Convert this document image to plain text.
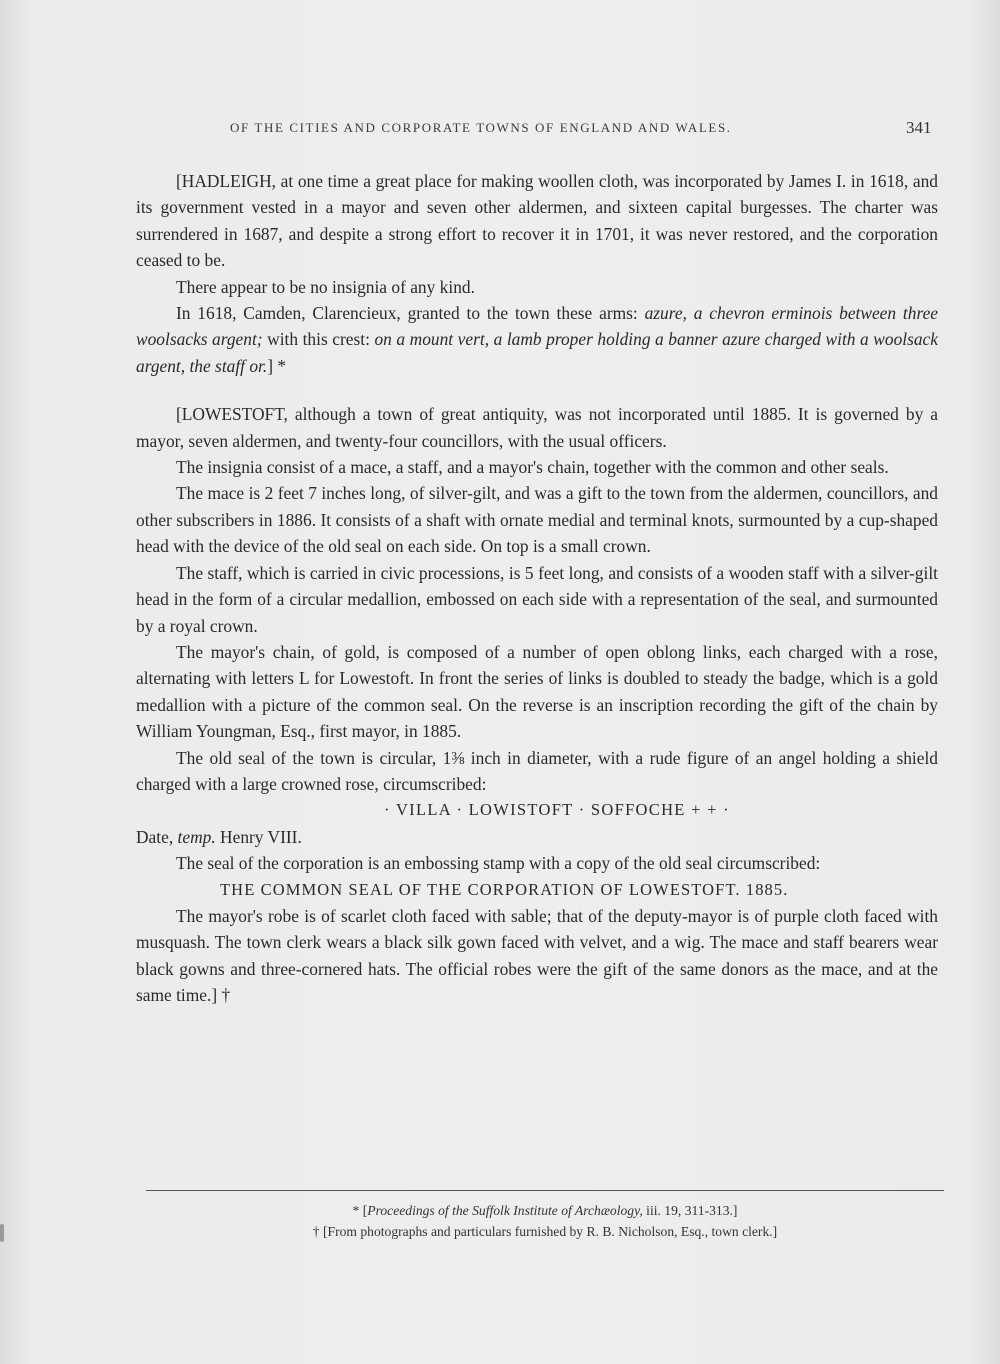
OF THE CITIES AND CORPORATE TOWNS OF ENGLAND AND WALES.	341

[HADLEIGH, at one time a great place for making woollen cloth, was incorporated by James I. in 1618, and its government vested in a mayor and seven other aldermen, and sixteen capital burgesses. The charter was surrendered in 1687, and despite a strong effort to recover it in 1701, it was never restored, and the corporation ceased to be.

There appear to be no insignia of any kind.

In 1618, Camden, Clarencieux, granted to the town these arms: azure, a chevron erminois between three woolsacks argent; with this crest: on a mount vert, a lamb proper holding a banner azure charged with a woolsack argent, the staff or.] *

[LOWESTOFT, although a town of great antiquity, was not incorporated until 1885. It is governed by a mayor, seven aldermen, and twenty-four councillors, with the usual officers.

The insignia consist of a mace, a staff, and a mayor's chain, together with the common and other seals.

The mace is 2 feet 7 inches long, of silver-gilt, and was a gift to the town from the aldermen, councillors, and other subscribers in 1886. It consists of a shaft with ornate medial and terminal knots, surmounted by a cup-shaped head with the device of the old seal on each side. On top is a small crown.

The staff, which is carried in civic processions, is 5 feet long, and consists of a wooden staff with a silver-gilt head in the form of a circular medallion, embossed on each side with a representation of the seal, and surmounted by a royal crown.

The mayor's chain, of gold, is composed of a number of open oblong links, each charged with a rose, alternating with letters L for Lowestoft. In front the series of links is doubled to steady the badge, which is a gold medallion with a picture of the common seal. On the reverse is an inscription recording the gift of the chain by William Youngman, Esq., first mayor, in 1885.

The old seal of the town is circular, 1⅜ inch in diameter, with a rude figure of an angel holding a shield charged with a large crowned rose, circumscribed:

· VILLA · LOWISTOFT · SOFFOCHE + + ·

Date, temp. Henry VIII.

The seal of the corporation is an embossing stamp with a copy of the old seal circumscribed:

THE COMMON SEAL OF THE CORPORATION OF LOWESTOFT. 1885.

The mayor's robe is of scarlet cloth faced with sable; that of the deputy-mayor is of purple cloth faced with musquash. The town clerk wears a black silk gown faced with velvet, and a wig. The mace and staff bearers wear black gowns and three-cornered hats. The official robes were the gift of the same donors as the mace, and at the same time.] †

* [Proceedings of the Suffolk Institute of Archæology, iii. 19, 311-313.]

† [From photographs and particulars furnished by R. B. Nicholson, Esq., town clerk.]
